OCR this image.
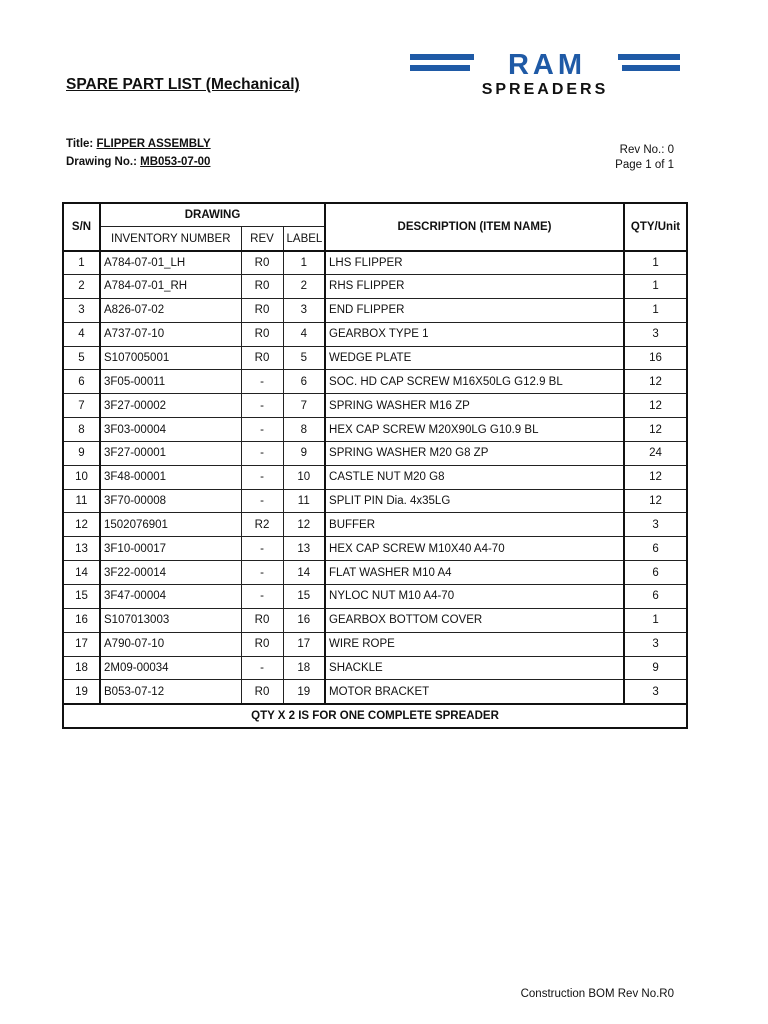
SPARE PART LIST (Mechanical)
RAM
SPREADERS
Title: FLIPPER ASSEMBLY
Drawing No.: MB053-07-00
Rev No.: 0
Page 1 of 1
S/N	DRAWING			DESCRIPTION (ITEM NAME)	QTY/Unit
	INVENTORY NUMBER	REV	LABEL		
1	A784-07-01_LH	R0	1	LHS FLIPPER	1
2	A784-07-01_RH	R0	2	RHS FLIPPER	1
3	A826-07-02	R0	3	END FLIPPER	1
4	A737-07-10	R0	4	GEARBOX TYPE 1	3
5	S107005001	R0	5	WEDGE PLATE	16
6	3F05-00011	-	6	SOC. HD CAP SCREW M16X50LG G12.9 BL	12
7	3F27-00002	-	7	SPRING WASHER M16 ZP	12
8	3F03-00004	-	8	HEX CAP SCREW M20X90LG G10.9 BL	12
9	3F27-00001	-	9	SPRING WASHER M20 G8 ZP	24
10	3F48-00001	-	10	CASTLE NUT M20 G8	12
11	3F70-00008	-	11	SPLIT PIN Dia. 4x35LG	12
12	1502076901	R2	12	BUFFER	3
13	3F10-00017	-	13	HEX CAP SCREW M10X40 A4-70	6
14	3F22-00014	-	14	FLAT WASHER M10 A4	6
15	3F47-00004	-	15	NYLOC NUT M10 A4-70	6
16	S107013003	R0	16	GEARBOX BOTTOM COVER	1
17	A790-07-10	R0	17	WIRE ROPE	3
18	2M09-00034	-	18	SHACKLE	9
19	B053-07-12	R0	19	MOTOR BRACKET	3
QTY X 2 IS FOR ONE COMPLETE SPREADER					
Construction BOM Rev No.R0
